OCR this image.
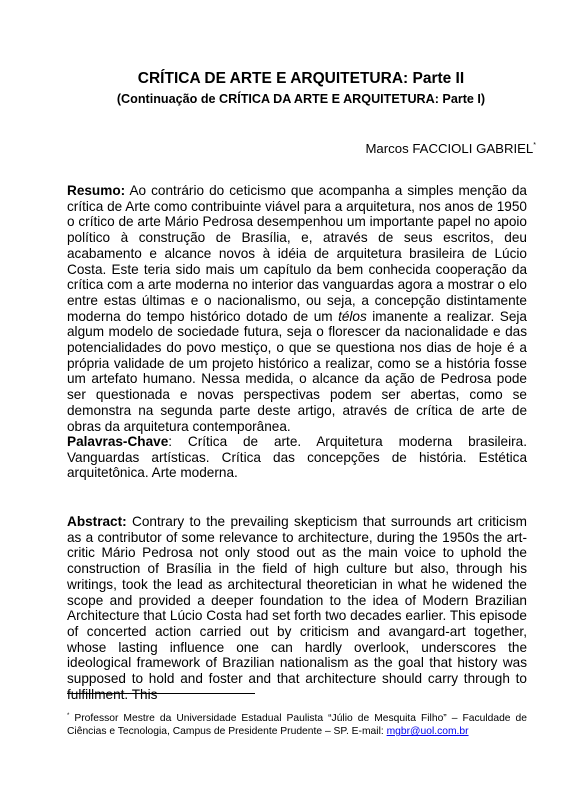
CRÍTICA DE ARTE E ARQUITETURA: Parte II
(Continuação de CRÍTICA DA ARTE E ARQUITETURA: Parte I)
Marcos FACCIOLI GABRIEL*

Resumo: Ao contrário do ceticismo que acompanha a simples menção da crítica de Arte como contribuinte viável para a arquitetura, nos anos de 1950 o crítico de arte Mário Pedrosa desempenhou um importante papel no apoio político à construção de Brasília, e, através de seus escritos, deu acabamento e alcance novos à idéia de arquitetura brasileira de Lúcio Costa. Este teria sido mais um capítulo da bem conhecida cooperação da crítica com a arte moderna no interior das vanguardas agora a mostrar o elo entre estas últimas e o nacionalismo, ou seja, a concepção distintamente moderna do tempo histórico dotado de um télos imanente a realizar. Seja algum modelo de sociedade futura, seja o florescer da nacionalidade e das potencialidades do povo mestiço, o que se questiona nos dias de hoje é a própria validade de um projeto histórico a realizar, como se a história fosse um artefato humano. Nessa medida, o alcance da ação de Pedrosa pode ser questionada e novas perspectivas podem ser abertas, como se demonstra na segunda parte deste artigo, através de crítica de arte de obras da arquitetura contemporânea.

Palavras-Chave: Crítica de arte. Arquitetura moderna brasileira. Vanguardas artísticas. Crítica das concepções de história. Estética arquitetônica. Arte moderna.

Abstract: Contrary to the prevailing skepticism that surrounds art criticism as a contributor of some relevance to architecture, during the 1950s the art-critic Mário Pedrosa not only stood out as the main voice to uphold the construction of Brasília in the field of high culture but also, through his writings, took the lead as architectural theoretician in what he widened the scope and provided a deeper foundation to the idea of Modern Brazilian Architecture that Lúcio Costa had set forth two decades earlier. This episode of concerted action carried out by criticism and avangard-art together, whose lasting influence one can hardly overlook, underscores the ideological framework of Brazilian nationalism as the goal that history was supposed to hold and foster and that architecture should carry through to fulfillment. This

* Professor Mestre da Universidade Estadual Paulista “Júlio de Mesquita Filho” – Faculdade de Ciências e Tecnologia, Campus de Presidente Prudente – SP. E-mail: mgbr@uol.com.br
